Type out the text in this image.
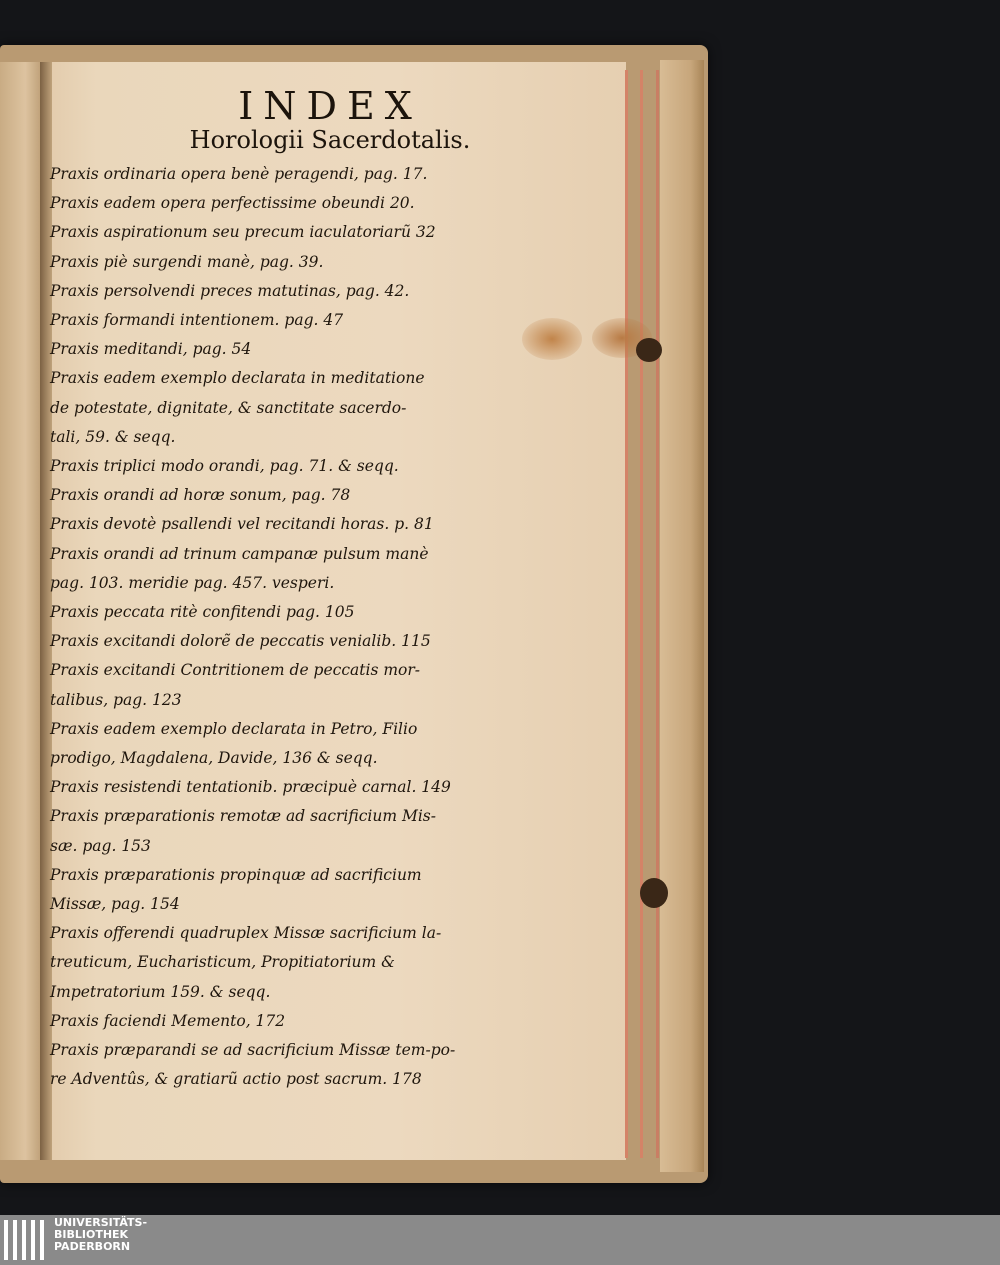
INDEX
Horologii Sacerdotalis.
Praxis ordinaria opera benè peragendi, pag. 17.
Praxis eadem opera perfectissime obeundi 20.
Praxis aspirationum seu precum iaculatoriarũ 32
Praxis piè surgendi manè, pag. 39.
Praxis persolvendi preces matutinas, pag. 42.
Praxis formandi intentionem. pag. 47
Praxis meditandi, pag. 54
Praxis eadem exemplo declarata in meditatione
de potestate, dignitate, & sanctitate sacerdo-
tali, 59. & seqq.
Praxis triplici modo orandi, pag. 71. & seqq.
Praxis orandi ad horæ sonum, pag. 78
Praxis devotè psallendi vel recitandi horas. p. 81
Praxis orandi ad trinum campanæ pulsum manè
pag. 103. meridie pag. 457. vesperi.
Praxis peccata ritè confitendi pag. 105
Praxis excitandi dolorẽ de peccatis venialib. 115
Praxis excitandi Contritionem de peccatis mor-
talibus, pag. 123
Praxis eadem exemplo declarata in Petro, Filio
prodigo, Magdalena, Davide, 136 & seqq.
Praxis resistendi tentationib. præcipuè carnal. 149
Praxis præparationis remotæ ad sacrificium Mis-
sæ. pag. 153
Praxis præparationis propinquæ ad sacrificium
Missæ, pag. 154
Praxis offerendi quadruplex Missæ sacrificium la-
treuticum, Eucharisticum, Propitiatorium &
Impetratorium 159. & seqq.
Praxis faciendi Memento, 172
Praxis præparandi se ad sacrificium Missæ tem-po-
re Adventûs, & gratiarũ actio post sacrum. 178
UNIVERSITÄTS-
BIBLIOTHEK
PADERBORN
